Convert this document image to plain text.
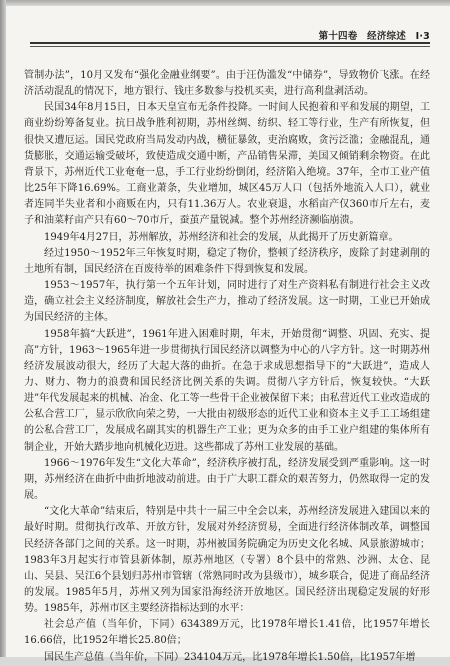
第十四卷　经济综述　Ⅰ·3

管制办法”，10月又发布“强化金融业纲要”。由于汪伪滥发“中储券”，导致物价飞涨。在经济活动混乱的情况下，地方银行、钱庄多数参与投机买卖，进行高利盘剥活动。

民国34年8月15日，日本天皇宣布无条件投降。一时间人民抱着和平和发展的期望，工商业纷纷筹备复业。抗日战争胜利初期，苏州丝绸、纺织、轻工等行业，生产有所恢复，但很快又遭厄运。国民党政府当局发动内战，横征暴敛，吏治腐败，贪污泛滥；金融混乱，通货膨胀，交通运输受破坏，致使造成交通中断，产品销售呆滞，美国又倾销剩余物资。在此背景下，苏州近代工业奄奄一息，手工行业纷纷倒闭，经济陷入绝境。37年，全市工业产值比25年下降16.69%。工商业萧条，失业增加，城区45万人口（包括外地流入人口），就业者连同半失业者和小商贩在内，只有11.36万人。农业衰退，水稻亩产仅360市斤左右，麦子和油菜籽亩产只有60～70市斤，蚕茧产量锐减。整个苏州经济濒临崩溃。

1949年4月27日，苏州解放，苏州经济和社会的发展，从此揭开了历史新篇章。

经过1950～1952年三年恢复时期，稳定了物价，整顿了经济秩序，废除了封建剥削的土地所有制，国民经济在百废待举的困难条件下得到恢复和发展。

1953～1957年，执行第一个五年计划，同时进行了对生产资料私有制进行社会主义改造，确立社会主义经济制度，解放社会生产力，推动了经济发展。这一时期，工业已开始成为国民经济的主体。

1958年搞“大跃进”，1961年进入困难时期，年末，开始贯彻“调整、巩固、充实、提高”方针，1963～1965年进一步贯彻执行国民经济以调整为中心的八字方针。这一时期苏州经济发展波动很大，经历了大起大落的曲折。在急于求成思想指导下的“大跃进”，造成人力、财力、物力的浪费和国民经济比例关系的失调。贯彻八字方针后，恢复较快。“大跃进”年代发展起来的机械、冶金、化工等一些骨干企业被保留下来；由私营近代工业改造成的公私合营工厂，显示欣欣向荣之势，一大批由初级形态的近代工业和资本主义手工工场组建的公私合营工厂，发展成名副其实的机器生产工业；更为众多的由手工业户组建的集体所有制企业，开始大踏步地向机械化迈进。这些都成了苏州工业发展的基础。

1966～1976年发生“文化大革命”，经济秩序被打乱，经济发展受到严重影响。这一时期，苏州经济在曲折中曲折地波动前进。由于广大职工群众的艰苦努力，仍然取得一定的发展。

“文化大革命”结束后，特别是中共十一届三中全会以来，苏州经济发展进入建国以来的最好时期。贯彻执行改革、开放方针，发展对外经济贸易，全面进行经济体制改革，调整国民经济各部门之间的关系。这一时期，苏州被国务院确定为历史文化名城、风景旅游城市；1983年3月起实行市管县新体制，原苏州地区（专署）8个县中的常熟、沙洲、太仓、昆山、吴县、吴江6个县划归苏州市管辖（常熟同时改为县级市），城乡联合，促进了商品经济的发展。1985年5月，苏州又列为国家沿海经济开放地区。国民经济出现稳定发展的好形势。1985年，苏州市区主要经济指标达到的水平：

社会总产值（当年价，下同）634389万元，比1978年增长1.41倍，比1957年增长16.66倍，比1952年增长25.80倍；

国民生产总值（当年价，下同）234104万元，比1978年增长1.50倍，比1957年增
